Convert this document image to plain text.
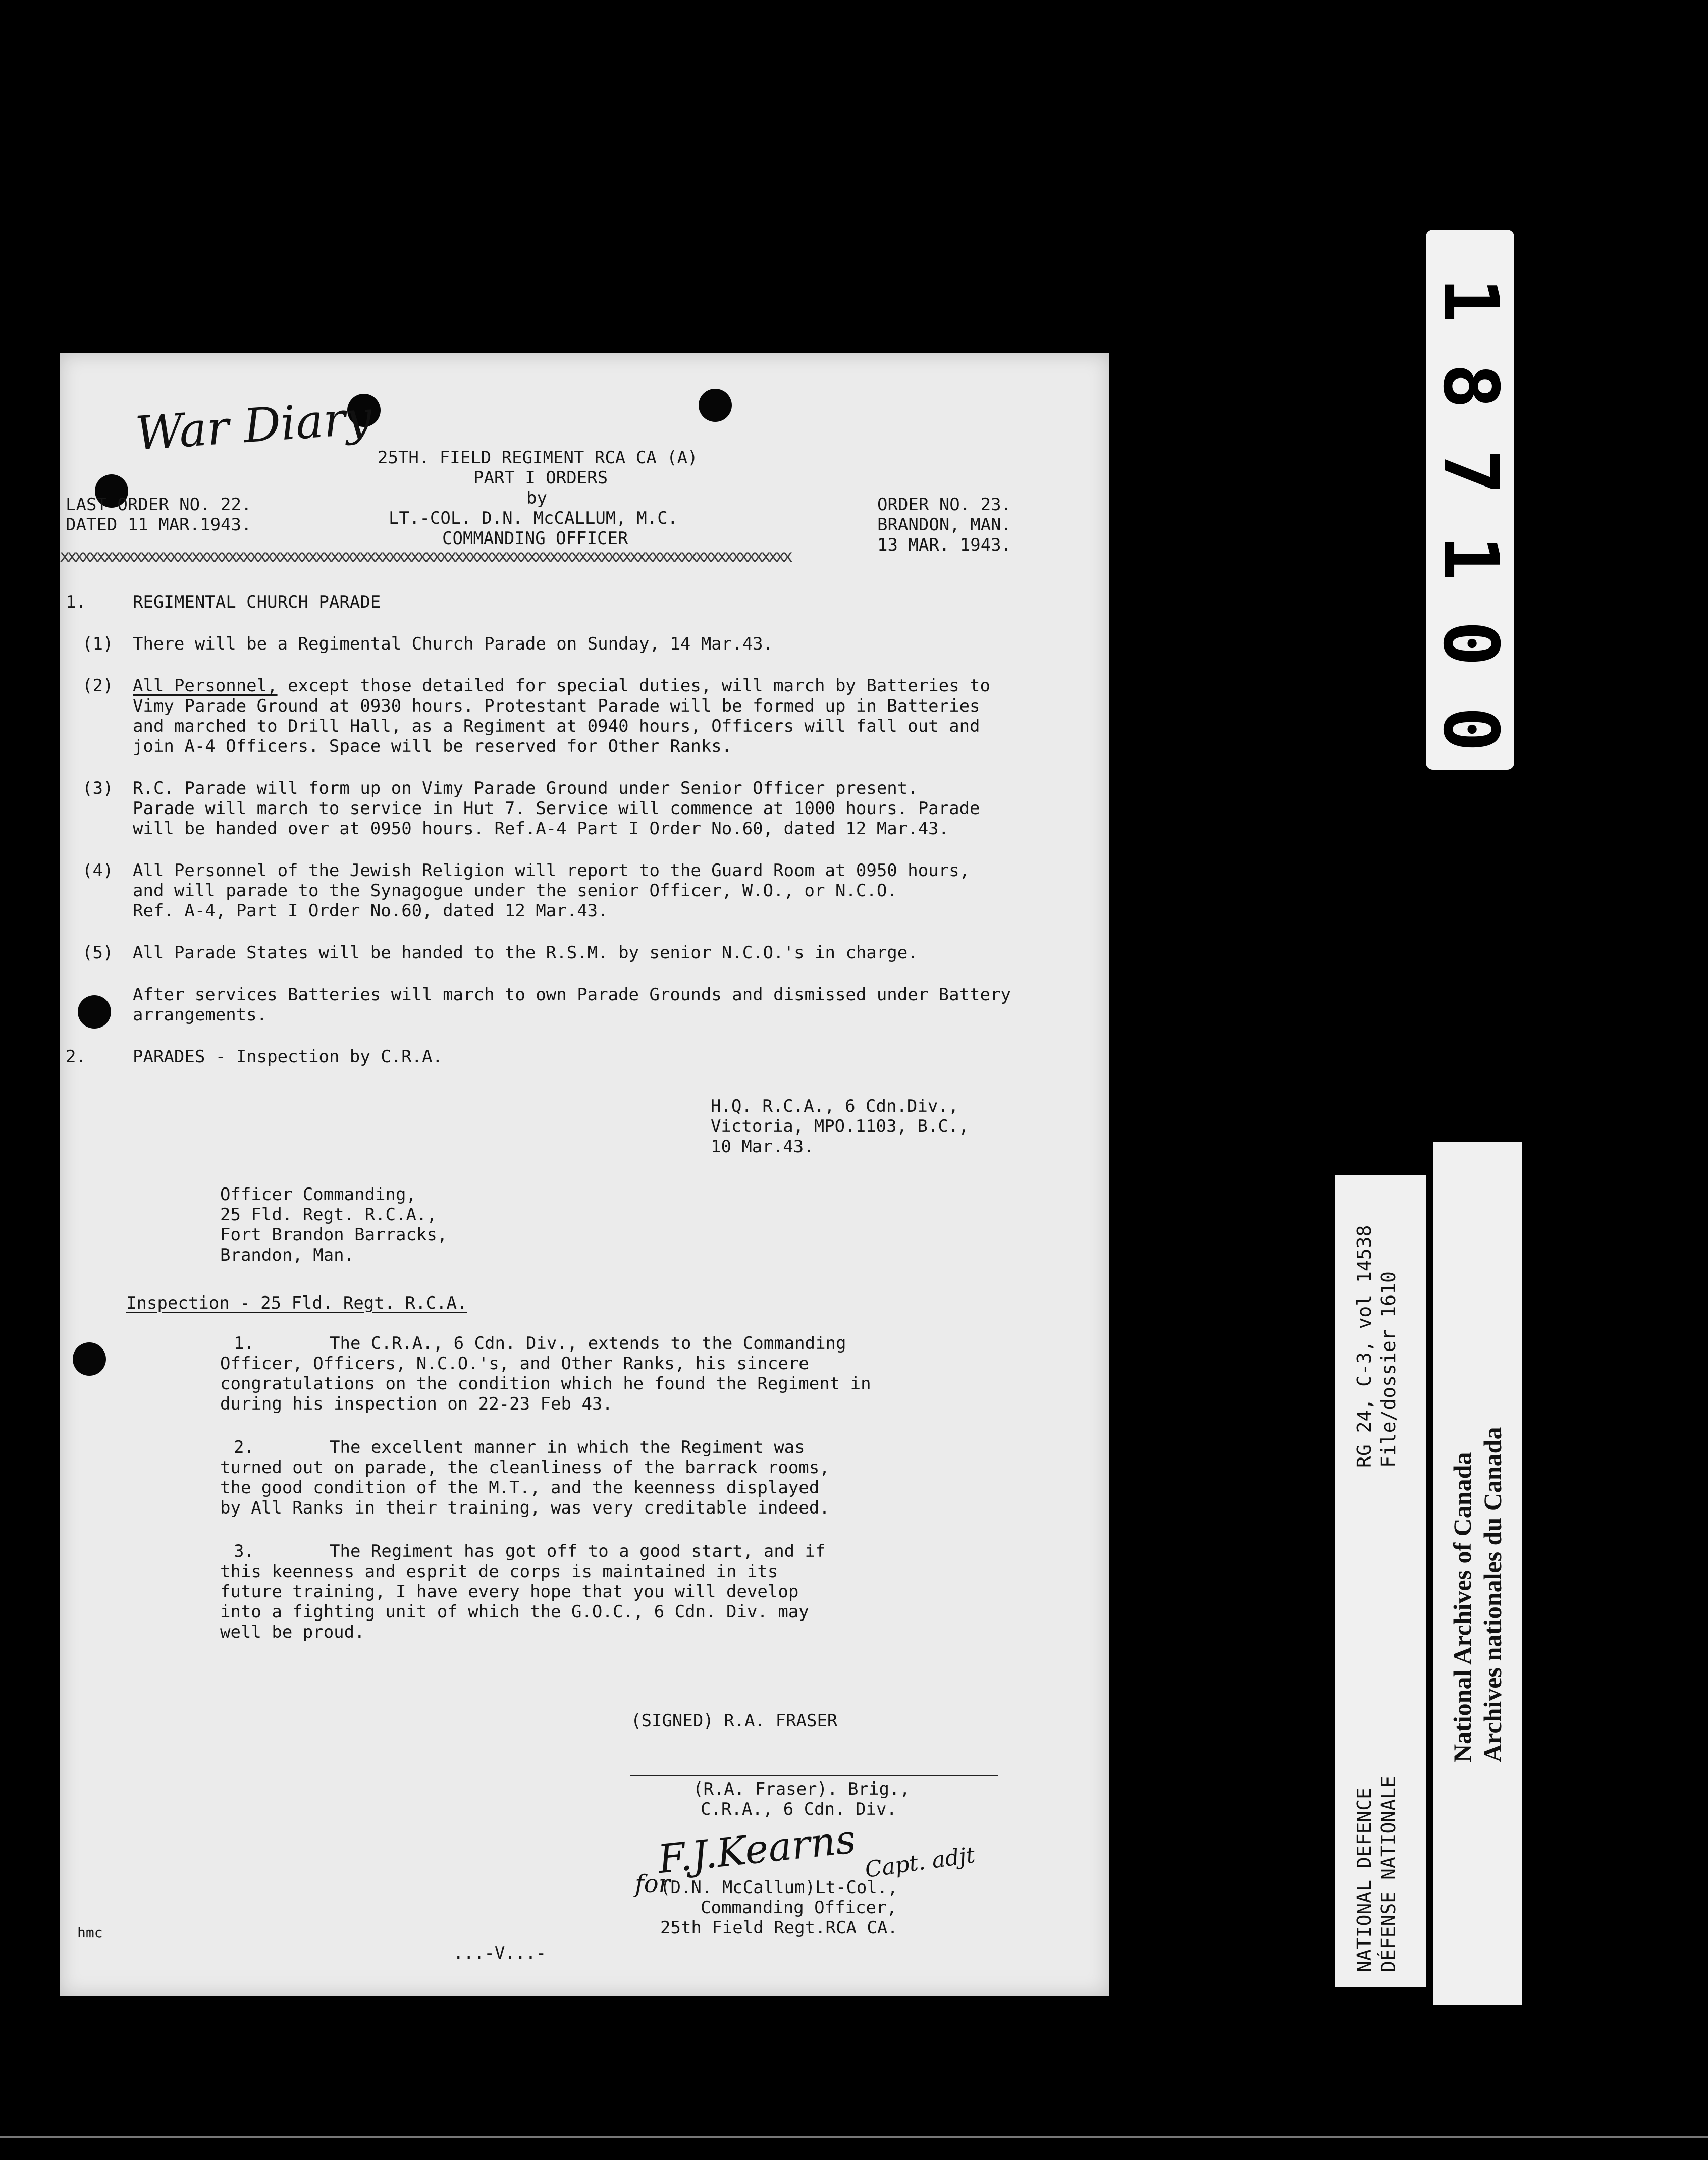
War Diary 25TH. FIELD REGIMENT RCA CA (A)
PART I ORDERS
by
LT.-COL. D.N. McCALLUM, M.C.
COMMANDING OFFICER
LAST ORDER NO. 22.
DATED 11 MAR.1943.
ORDER NO. 23.
BRANDON, MAN.
13 MAR. 1943.
xxxxxxxxxxxxxxxxxxxxxxxxxxxxxxxxxxxxxxxxxxxxxxxxxxxxxxxxxxxxxxxxxxxxxxxxxxxxxxxxxxxxxxxxxxxxxxxxxxxx
1.	REGIMENTAL CHURCH PARADE
(1) There will be a Regimental Church Parade on Sunday, 14 Mar.43.
(2) All Personnel, except those detailed for special duties, will march by Batteries to
Vimy Parade Ground at 0930 hours. Protestant Parade will be formed up in Batteries
and marched to Drill Hall, as a Regiment at 0940 hours, Officers will fall out and
join A-4 Officers. Space will be reserved for Other Ranks.
(3) R.C. Parade will form up on Vimy Parade Ground under Senior Officer present.
Parade will march to service in Hut 7. Service will commence at 1000 hours. Parade
will be handed over at 0950 hours. Ref.A-4 Part I Order No.60, dated 12 Mar.43.
(4) All Personnel of the Jewish Religion will report to the Guard Room at 0950 hours,
and will parade to the Synagogue under the senior Officer, W.O., or N.C.O.
Ref. A-4, Part I Order No.60, dated 12 Mar.43.
(5) All Parade States will be handed to the R.S.M. by senior N.C.O.'s in charge.
After services Batteries will march to own Parade Grounds and dismissed under Battery
arrangements.
2.	PARADES - Inspection by C.R.A.
H.Q. R.C.A., 6 Cdn.Div.,
Victoria, MPO.1103, B.C.,
10 Mar.43.
Officer Commanding,
25 Fld. Regt. R.C.A.,
Fort Brandon Barracks,
Brandon, Man.
Inspection - 25 Fld. Regt. R.C.A.
1.	The C.R.A., 6 Cdn. Div., extends to the Commanding
Officer, Officers, N.C.O.'s, and Other Ranks, his sincere
congratulations on the condition which he found the Regiment in
during his inspection on 22-23 Feb 43.
2.	The excellent manner in which the Regiment was
turned out on parade, the cleanliness of the barrack rooms,
the good condition of the M.T., and the keenness displayed
by All Ranks in their training, was very creditable indeed.
3.	The Regiment has got off to a good start, and if
this keenness and esprit de corps is maintained in its
future training, I have every hope that you will develop
into a fighting unit of which the G.O.C., 6 Cdn. Div. may
well be proud.
(SIGNED) R.A. FRASER
(R.A. Fraser). Brig.,
C.R.A., 6 Cdn. Div.
F.J.Kearns Capt. adjt
for
(D.N. McCallum)Lt-Col.,
Commanding Officer,
25th Field Regt.RCA CA.
hmc
...-V...-
0
0
1
7
8
1
RG 24, C-3, vol 14538 File/dossier 1610
NATIONAL DEFENCE DÉFENSE NATIONALE
National Archives of Canada Archives nationales du Canada
